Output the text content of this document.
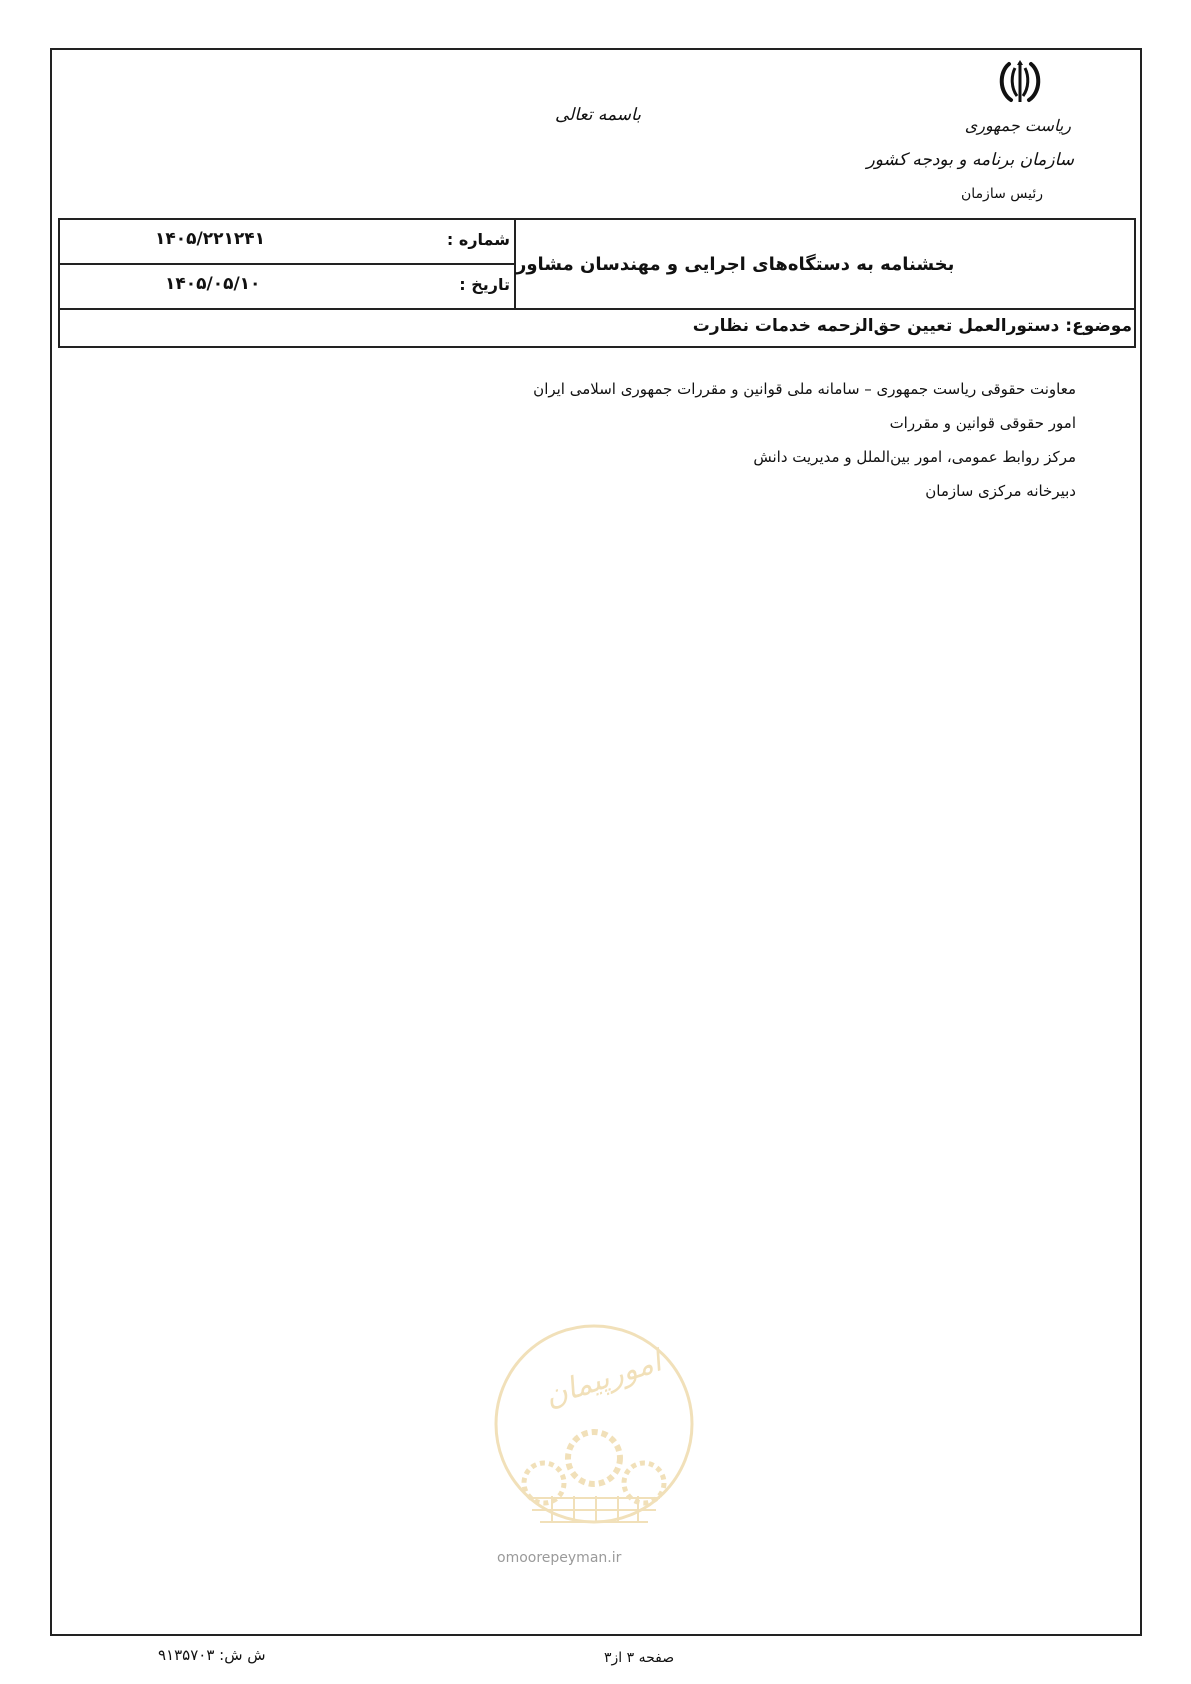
ریاست جمهوری
سازمان برنامه و بودجه کشور
رئیس سازمان
باسمه تعالی
بخشنامه به دستگاه‌های اجرایی و مهندسان مشاور
شماره :
۱۴۰۵/۲۲۱۲۴۱
تاریخ :
۱۴۰۵/۰۵/۱۰
موضوع: دستورالعمل تعیین حق‌الزحمه خدمات نظارت
معاونت حقوقی ریاست جمهوری – سامانه ملی قوانین و مقررات جمهوری اسلامی ایران
امور حقوقی قوانین و مقررات
مرکز روابط عمومی، امور بین‌الملل و مدیریت دانش
دبیرخانه مرکزی سازمان
امورپیمان
omoorepeyman.ir
ش ش: ۹۱۳۵۷۰۳	صفحه ۳ از۳
